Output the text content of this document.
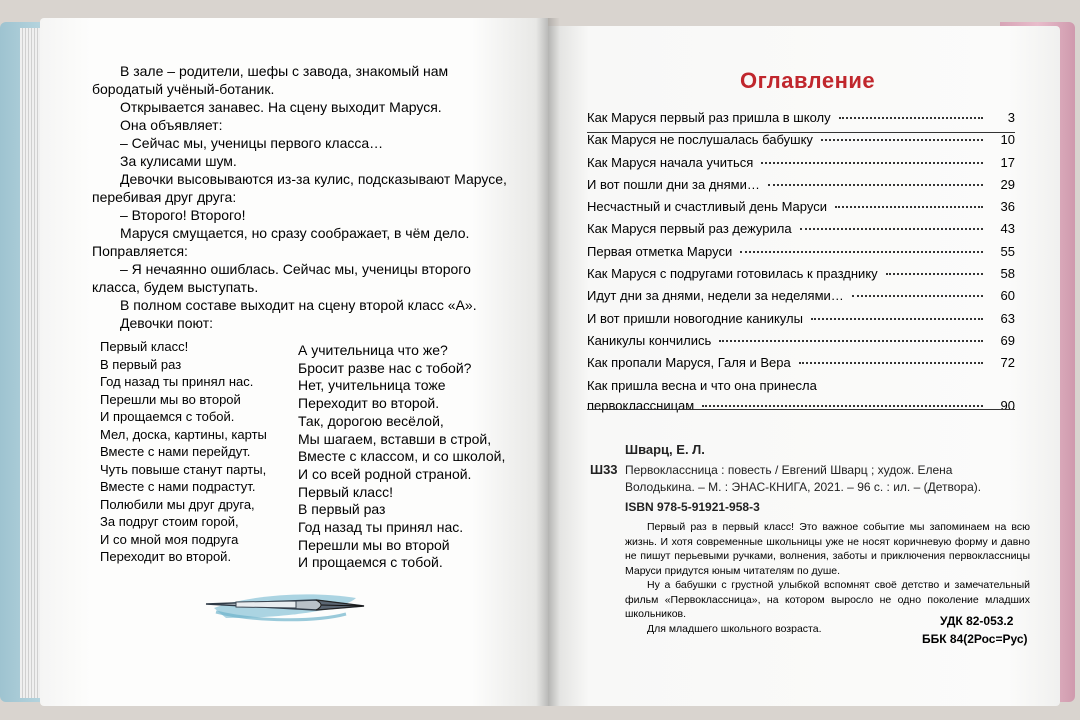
В зале – родители, шефы с завода, знакомый нам бородатый учёный-ботаник.

Открывается занавес. На сцену выходит Маруся.

Она объявляет:

– Сейчас мы, ученицы первого класса…

За кулисами шум.

Девочки высовываются из-за кулис, подсказывают Марусе, перебивая друг друга:

– Второго! Второго!

Маруся смущается, но сразу соображает, в чём дело. Поправляется:

– Я нечаянно ошиблась. Сейчас мы, ученицы второго класса, будем выступать.

В полном составе выходит на сцену второй класс «А».

Девочки поют:

Первый класс!
В первый раз
Год назад ты принял нас.
Перешли мы во второй
И прощаемся с тобой.
Мел, доска, картины, карты
Вместе с нами перейдут.
Чуть повыше станут парты,
Вместе с нами подрастут.
Полюбили мы друг друга,
За подруг стоим горой,
И со мной моя подруга
Переходит во второй.
А учительница что же?
Бросит разве нас с тобой?
Нет, учительница тоже
Переходит во второй.
Так, дорогою весёлой,
Мы шагаем, вставши в строй,
Вместе с классом, и со школой,
И со всей родной страной.
Первый класс!
В первый раз
Год назад ты принял нас.
Перешли мы во второй
И прощаемся с тобой.
Оглавление
Как Маруся первый раз пришла в школу	3
Как Маруся не послушалась бабушку	10
Как Маруся начала учиться	17
И вот пошли дни за днями…	29
Несчастный и счастливый день Маруси	36
Как Маруся первый раз дежурила	43
Первая отметка Маруси	55
Как Маруся с подругами готовилась к празднику	58
Идут дни за днями, недели за неделями…	60
И вот пришли новогодние каникулы	63
Каникулы кончились	69
Как пропали Маруся, Галя и Вера	72
Как пришла весна и что она принесла
первоклассницам	90
Шварц, Е. Л.
Ш33 Первоклассница : повесть / Евгений Шварц ; худож. Елена Володькина. – М. : ЭНАС-КНИГА, 2021. – 96 с. : ил. – (Детвора).
ISBN 978-5-91921-958-3

Первый раз в первый класс! Это важное событие мы запоминаем на всю жизнь. И хотя современные школьницы уже не носят коричневую форму и давно не пишут перьевыми ручками, волнения, заботы и приключения первоклассницы Маруси придутся юным читателям по душе.

Ну а бабушки с грустной улыбкой вспомнят своё детство и замечательный фильм «Первоклассница», на котором выросло не одно поколение младших школьников.

Для младшего школьного возраста.

УДК 82-053.2
ББК 84(2Рос=Рус)
